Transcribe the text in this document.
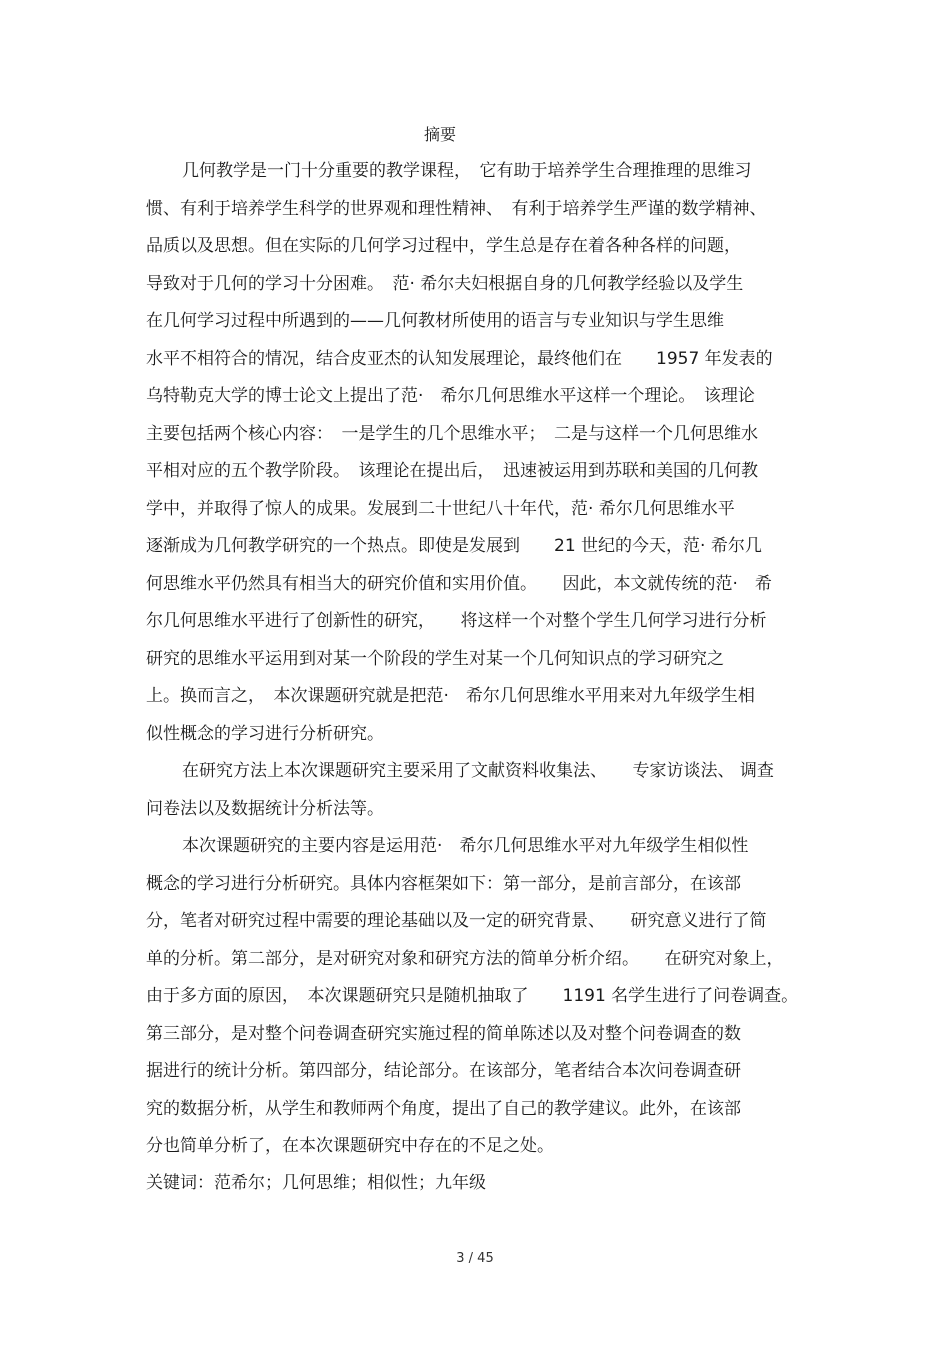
摘要
几何教学是一门十分重要的教学课程，　它有助于培养学生合理推理的思维习
惯、有利于培养学生科学的世界观和理性精神、　有利于培养学生严谨的数学精神、
品质以及思想。但在实际的几何学习过程中，学生总是存在着各种各样的问题，
导致对于几何的学习十分困难。　范· 希尔夫妇根据自身的几何教学经验以及学生
在几何学习过程中所遇到的——几何教材所使用的语言与专业知识与学生思维
水平不相符合的情况，结合皮亚杰的认知发展理论，最终他们在　　1957 年发表的
乌特勒克大学的博士论文上提出了范·　希尔几何思维水平这样一个理论。　该理论
主要包括两个核心内容：　一是学生的几个思维水平；　二是与这样一个几何思维水
平相对应的五个教学阶段。　该理论在提出后，　迅速被运用到苏联和美国的几何教
学中，并取得了惊人的成果。发展到二十世纪八十年代，范· 希尔几何思维水平
逐渐成为几何教学研究的一个热点。即使是发展到　　21 世纪的今天，范· 希尔几
何思维水平仍然具有相当大的研究价值和实用价值。　　因此，本文就传统的范·　希
尔几何思维水平进行了创新性的研究，　　将这样一个对整个学生几何学习进行分析
研究的思维水平运用到对某一个阶段的学生对某一个几何知识点的学习研究之
上。换而言之，　本次课题研究就是把范·　希尔几何思维水平用来对九年级学生相
似性概念的学习进行分析研究。
在研究方法上本次课题研究主要采用了文献资料收集法、　　专家访谈法、 调查
问卷法以及数据统计分析法等。
本次课题研究的主要内容是运用范·　希尔几何思维水平对九年级学生相似性
概念的学习进行分析研究。具体内容框架如下：第一部分，是前言部分，在该部
分，笔者对研究过程中需要的理论基础以及一定的研究背景、　　研究意义进行了简
单的分析。第二部分，是对研究对象和研究方法的简单分析介绍。　　在研究对象上，
由于多方面的原因，　本次课题研究只是随机抽取了　　1191 名学生进行了问卷调查。
第三部分，是对整个问卷调查研究实施过程的简单陈述以及对整个问卷调查的数
据进行的统计分析。第四部分，结论部分。在该部分，笔者结合本次问卷调查研
究的数据分析，从学生和教师两个角度，提出了自己的教学建议。此外，在该部
分也简单分析了，在本次课题研究中存在的不足之处。
关键词：范希尔；几何思维；相似性；九年级
3 / 45
